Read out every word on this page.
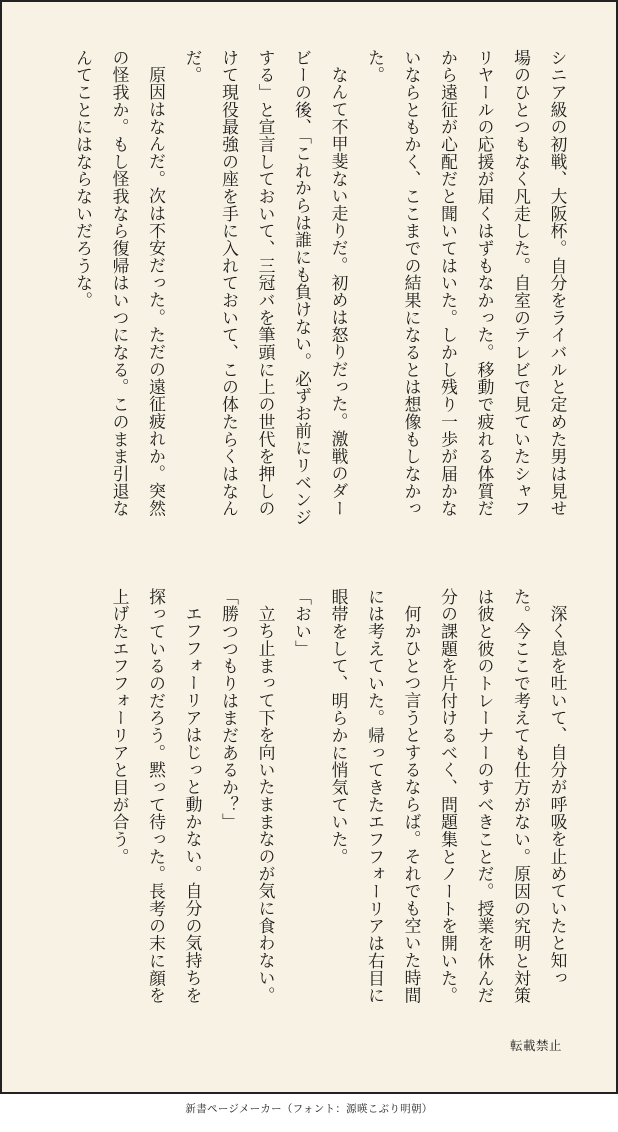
シニア級の初戦、大阪杯。自分をライバルと定めた男は見せ場のひとつもなく凡走した。自室のテレビで見ていたシャフリヤールの応援が届くはずもなかった。移動で疲れる体質だから遠征が心配だと聞いてはいた。しかし残り一歩が届かないならともかく、ここまでの結果になるとは想像もしなかった。

なんて不甲斐ない走りだ。初めは怒りだった。激戦のダービーの後、「これからは誰にも負けない。必ずお前にリベンジする」と宣言しておいて、三冠バを筆頭に上の世代を押しのけて現役最強の座を手に入れておいて、この体たらくはなんだ。

原因はなんだ。次は不安だった。ただの遠征疲れか。突然の怪我か。もし怪我なら復帰はいつになる。このまま引退なんてことにはならないだろうな。

深く息を吐いて、自分が呼吸を止めていたと知った。今ここで考えても仕方がない。原因の究明と対策は彼と彼のトレーナーのすべきことだ。授業を休んだ分の課題を片付けるべく、問題集とノートを開いた。

何かひとつ言うとするならば。それでも空いた時間には考えていた。帰ってきたエフフォーリアは右目に眼帯をして、明らかに悄気ていた。

「おい」

立ち止まって下を向いたままなのが気に食わない。

「勝つつもりはまだあるか？」

エフフォーリアはじっと動かない。自分の気持ちを探っているのだろう。黙って待った。長考の末に顔を上げたエフフォーリアと目が合う。

転載禁止
新書ページメーカー（フォント：源暎こぶり明朝）
